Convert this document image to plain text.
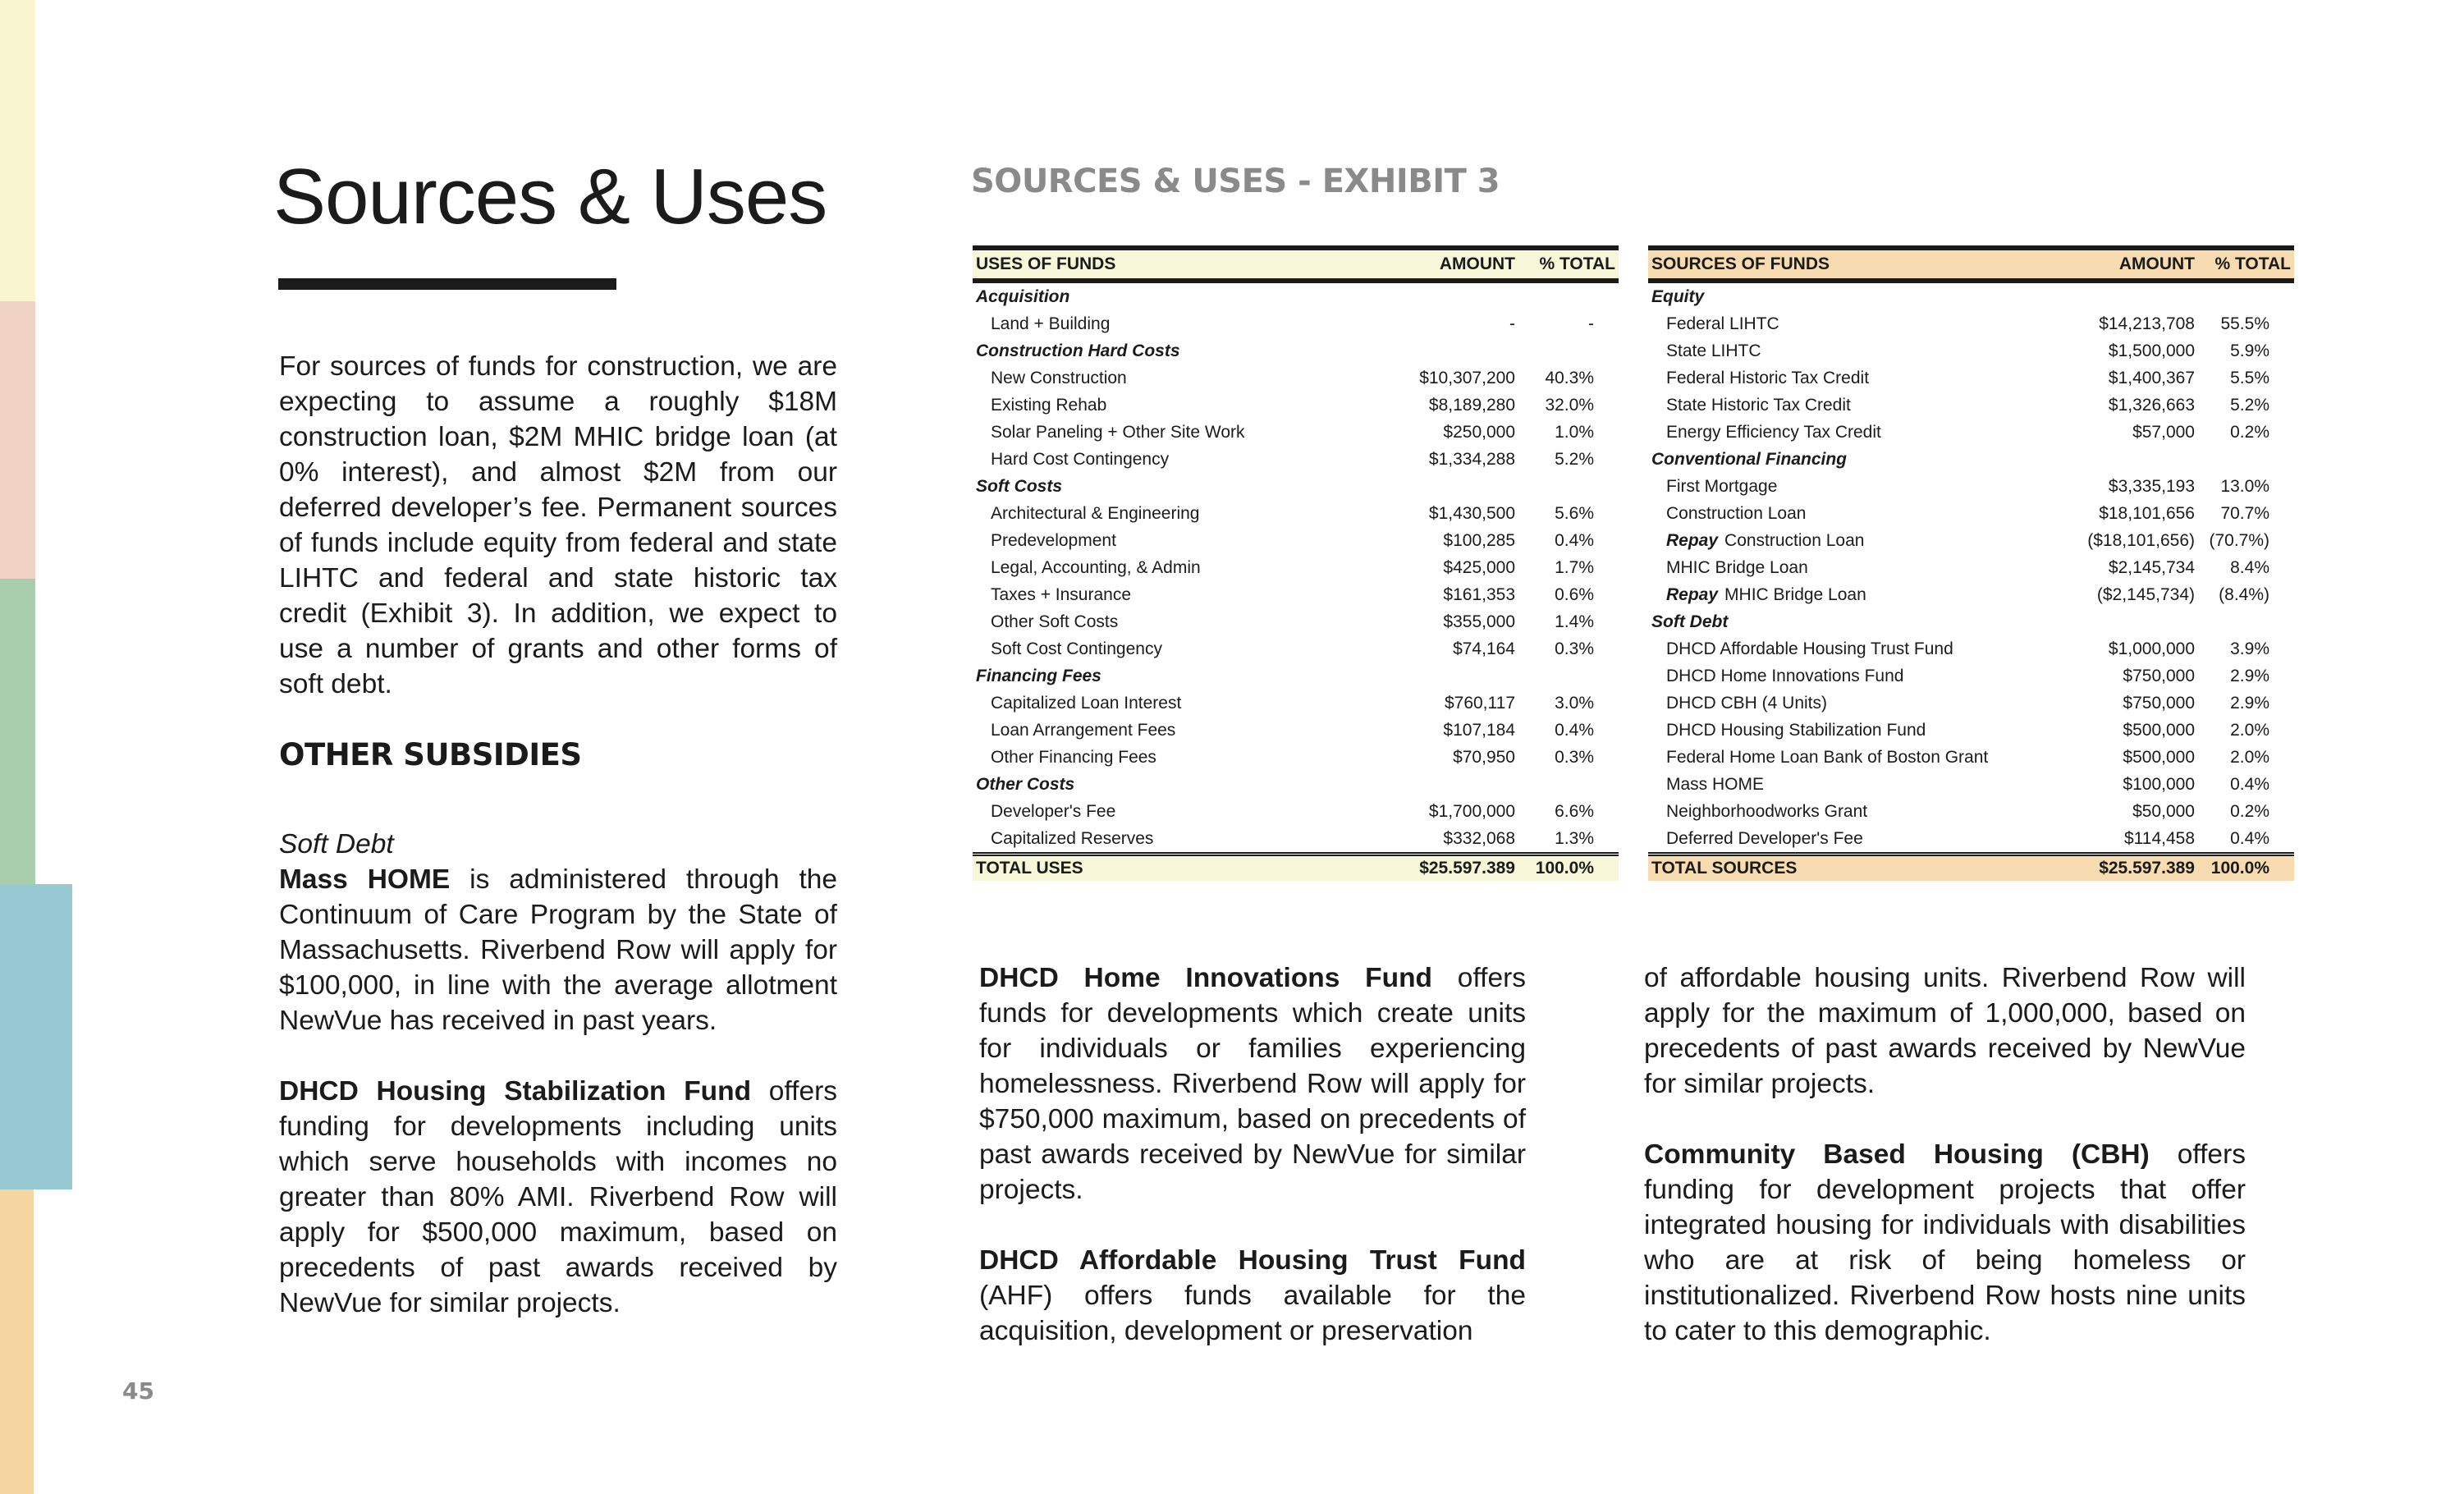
Sources & Uses

For sources of funds for construction, we are expecting to assume a roughly $18M construction loan, $2M MHIC bridge loan (at 0% interest), and almost $2M from our deferred developer’s fee. Permanent sources of funds include equity from federal and state LIHTC and federal and state historic tax credit (Exhibit 3). In addition, we expect to use a number of grants and other forms of soft debt.

OTHER SUBSIDIES

Soft Debt

Mass HOME is administered through the Continuum of Care Program by the State of Massachusetts. Riverbend Row will apply for $100,000, in line with the average allotment NewVue has received in past years.

DHCD Housing Stabilization Fund offers funding for developments including units which serve households with incomes no greater than 80% AMI. Riverbend Row will apply for $500,000 maximum, based on precedents of past awards received by NewVue for similar projects.

DHCD Home Innovations Fund offers funds for developments which create units for individuals or families experiencing homelessness. Riverbend Row will apply for $750,000 maximum, based on precedents of past awards received by NewVue for similar projects.

DHCD Affordable Housing Trust Fund (AHF) offers funds available for the acquisition, development or preservation

of affordable housing units. Riverbend Row will apply for the maximum of 1,000,000, based on precedents of past awards received by NewVue for similar projects.

Community Based Housing (CBH) offers funding for development projects that offer integrated housing for individuals with disabilities who are at risk of being homeless or institutionalized. Riverbend Row hosts nine units to cater to this demographic.

SOURCES & USES - EXHIBIT 3
USES OF FUNDS	AMOUNT	% TOTAL
Acquisition		
Land + Building	-	-
Construction Hard Costs		
New Construction	$10,307,200	40.3%
Existing Rehab	$8,189,280	32.0%
Solar Paneling + Other Site Work	$250,000	1.0%
Hard Cost Contingency	$1,334,288	5.2%
Soft Costs		
Architectural & Engineering	$1,430,500	5.6%
Predevelopment	$100,285	0.4%
Legal, Accounting, & Admin	$425,000	1.7%
Taxes + Insurance	$161,353	0.6%
Other Soft Costs	$355,000	1.4%
Soft Cost Contingency	$74,164	0.3%
Financing Fees		
Capitalized Loan Interest	$760,117	3.0%
Loan Arrangement Fees	$107,184	0.4%
Other Financing Fees	$70,950	0.3%
Other Costs		
Developer's Fee	$1,700,000	6.6%
Capitalized Reserves	$332,068	1.3%
TOTAL USES	$25.597.389	100.0%
SOURCES OF FUNDS	AMOUNT	% TOTAL
Equity		
Federal LIHTC	$14,213,708	55.5%
State LIHTC	$1,500,000	5.9%
Federal Historic Tax Credit	$1,400,367	5.5%
State Historic Tax Credit	$1,326,663	5.2%
Energy Efficiency Tax Credit	$57,000	0.2%
Conventional Financing		
First Mortgage	$3,335,193	13.0%
Construction Loan	$18,101,656	70.7%
Repay Construction Loan	($18,101,656)	(70.7%)
MHIC Bridge Loan	$2,145,734	8.4%
Repay MHIC Bridge Loan	($2,145,734)	(8.4%)
Soft Debt		
DHCD Affordable Housing Trust Fund	$1,000,000	3.9%
DHCD Home Innovations Fund	$750,000	2.9%
DHCD CBH (4 Units)	$750,000	2.9%
DHCD Housing Stabilization Fund	$500,000	2.0%
Federal Home Loan Bank of Boston Grant	$500,000	2.0%
Mass HOME	$100,000	0.4%
Neighborhoodworks Grant	$50,000	0.2%
Deferred Developer's Fee	$114,458	0.4%
TOTAL SOURCES	$25.597.389	100.0%
45
